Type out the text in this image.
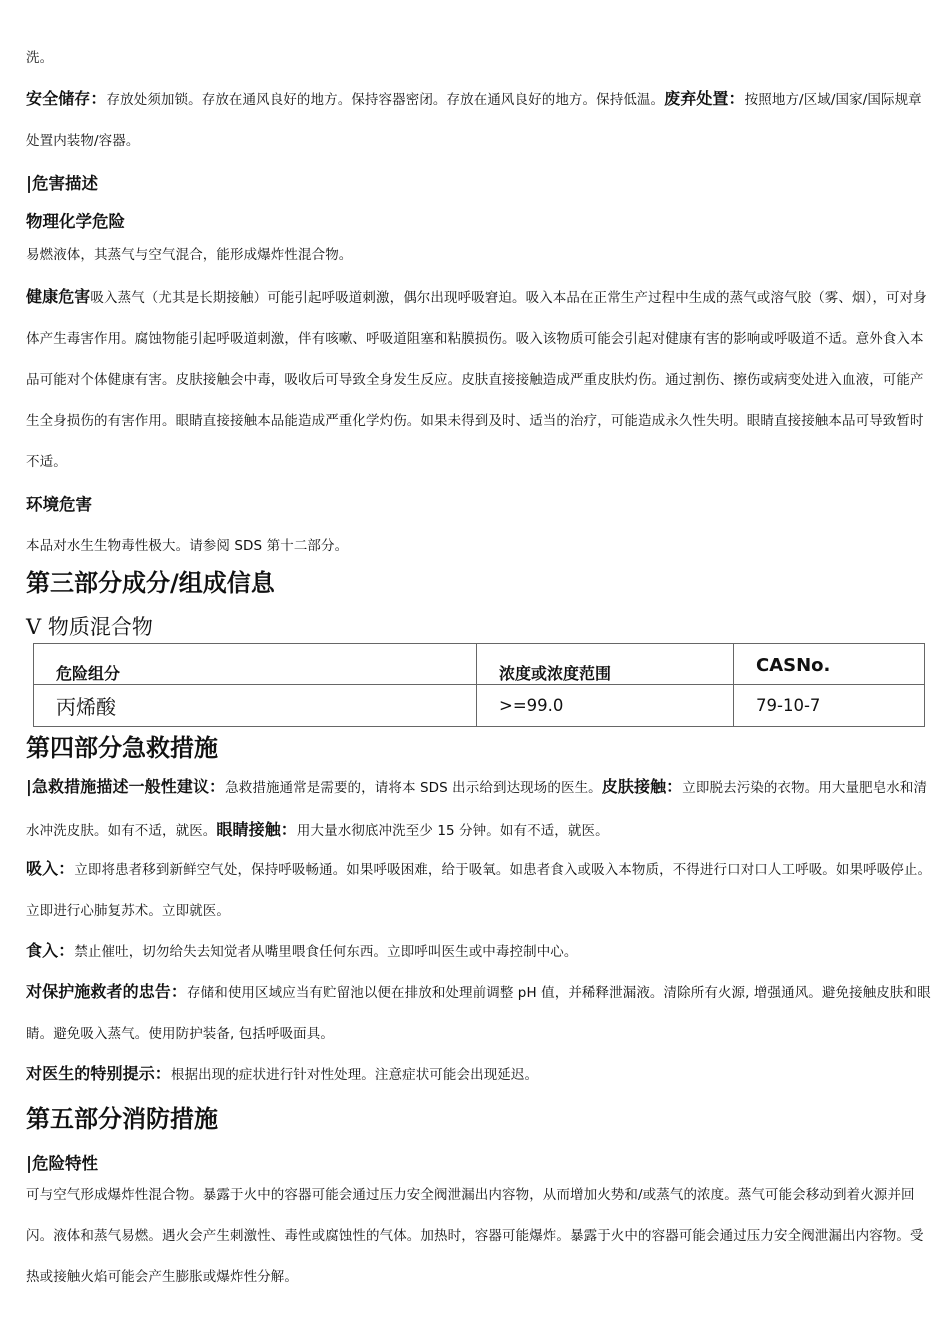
洗。
安全储存：存放处须加锁。存放在通风良好的地方。保持容器密闭。存放在通风良好的地方。保持低温。废弃处置：按照地方/区域/国家/国际规章处置内装物/容器。
|危害描述
物理化学危险
易燃液体，其蒸气与空气混合，能形成爆炸性混合物。
健康危害吸入蒸气（尤其是长期接触）可能引起呼吸道刺激，偶尔出现呼吸窘迫。吸入本品在正常生产过程中生成的蒸气或溶气胶（雾、烟），可对身体产生毒害作用。腐蚀物能引起呼吸道刺激，伴有咳嗽、呼吸道阻塞和粘膜损伤。吸入该物质可能会引起对健康有害的影响或呼吸道不适。意外食入本品可能对个体健康有害。皮肤接触会中毒，吸收后可导致全身发生反应。皮肤直接接触造成严重皮肤灼伤。通过割伤、擦伤或病变处进入血液，可能产生全身损伤的有害作用。眼睛直接接触本品能造成严重化学灼伤。如果未得到及时、适当的治疗，可能造成永久性失明。眼睛直接接触本品可导致暂时不适。
环境危害
本品对水生生物毒性极大。请参阅 SDS 第十二部分。
第三部分成分/组成信息
V 物质混合物
危险组分	浓度或浓度范围	CASNo.
丙烯酸	>=99.0	79-10-7
第四部分急救措施
|急救措施描述一般性建议：急救措施通常是需要的，请将本 SDS 出示给到达现场的医生。皮肤接触：立即脱去污染的衣物。用大量肥皂水和清水冲洗皮肤。如有不适，就医。眼睛接触：用大量水彻底冲洗至少 15 分钟。如有不适，就医。
吸入：立即将患者移到新鲜空气处，保持呼吸畅通。如果呼吸困难，给于吸氧。如患者食入或吸入本物质，不得进行口对口人工呼吸。如果呼吸停止。立即进行心肺复苏术。立即就医。
食入：禁止催吐，切勿给失去知觉者从嘴里喂食任何东西。立即呼叫医生或中毒控制中心。
对保护施救者的忠告：存储和使用区域应当有贮留池以便在排放和处理前调整 pH 值，并稀释泄漏液。清除所有火源, 增强通风。避免接触皮肤和眼睛。避免吸入蒸气。使用防护装备, 包括呼吸面具。
对医生的特别提示：根据出现的症状进行针对性处理。注意症状可能会出现延迟。
第五部分消防措施
|危险特性
可与空气形成爆炸性混合物。暴露于火中的容器可能会通过压力安全阀泄漏出内容物，从而增加火势和/或蒸气的浓度。蒸气可能会移动到着火源并回闪。液体和蒸气易燃。遇火会产生刺激性、毒性或腐蚀性的气体。加热时，容器可能爆炸。暴露于火中的容器可能会通过压力安全阀泄漏出内容物。受热或接触火焰可能会产生膨胀或爆炸性分解。
